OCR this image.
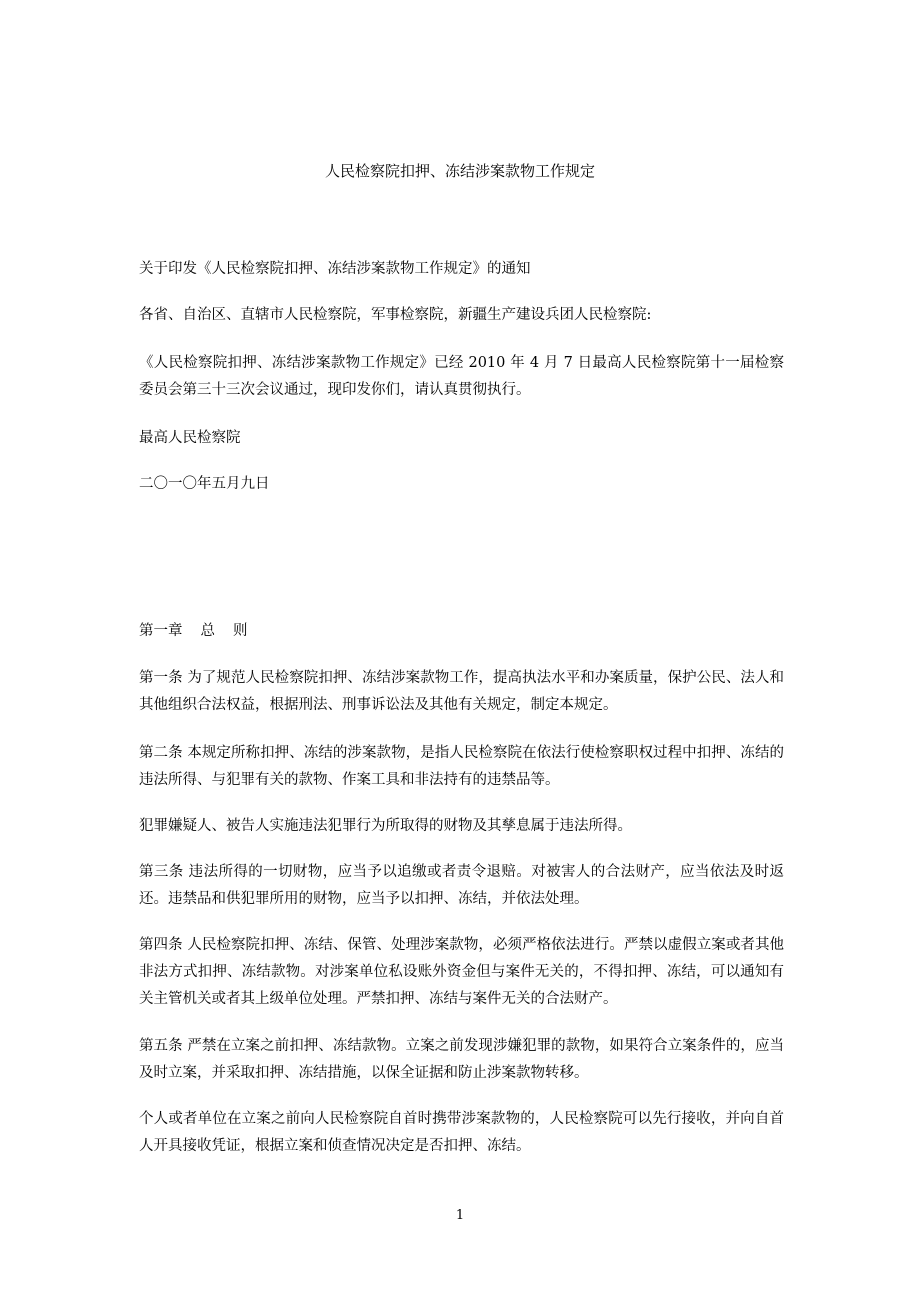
人民检察院扣押、冻结涉案款物工作规定

关于印发《人民检察院扣押、冻结涉案款物工作规定》的通知

各省、自治区、直辖市人民检察院，军事检察院，新疆生产建设兵团人民检察院:

《人民检察院扣押、冻结涉案款物工作规定》已经 2010 年 4 月 7 日最高人民检察院第十一届检察委员会第三十三次会议通过，现印发你们，请认真贯彻执行。

最高人民检察院

二〇一〇年五月九日

第一章 总 则

第一条 为了规范人民检察院扣押、冻结涉案款物工作，提高执法水平和办案质量，保护公民、法人和其他组织合法权益，根据刑法、刑事诉讼法及其他有关规定，制定本规定。

第二条 本规定所称扣押、冻结的涉案款物，是指人民检察院在依法行使检察职权过程中扣押、冻结的违法所得、与犯罪有关的款物、作案工具和非法持有的违禁品等。

犯罪嫌疑人、被告人实施违法犯罪行为所取得的财物及其孳息属于违法所得。

第三条 违法所得的一切财物，应当予以追缴或者责令退赔。对被害人的合法财产，应当依法及时返还。违禁品和供犯罪所用的财物，应当予以扣押、冻结，并依法处理。

第四条 人民检察院扣押、冻结、保管、处理涉案款物，必须严格依法进行。严禁以虚假立案或者其他非法方式扣押、冻结款物。对涉案单位私设账外资金但与案件无关的，不得扣押、冻结，可以通知有关主管机关或者其上级单位处理。严禁扣押、冻结与案件无关的合法财产。

第五条 严禁在立案之前扣押、冻结款物。立案之前发现涉嫌犯罪的款物，如果符合立案条件的，应当及时立案，并采取扣押、冻结措施，以保全证据和防止涉案款物转移。

个人或者单位在立案之前向人民检察院自首时携带涉案款物的，人民检察院可以先行接收，并向自首人开具接收凭证，根据立案和侦查情况决定是否扣押、冻结。

1
